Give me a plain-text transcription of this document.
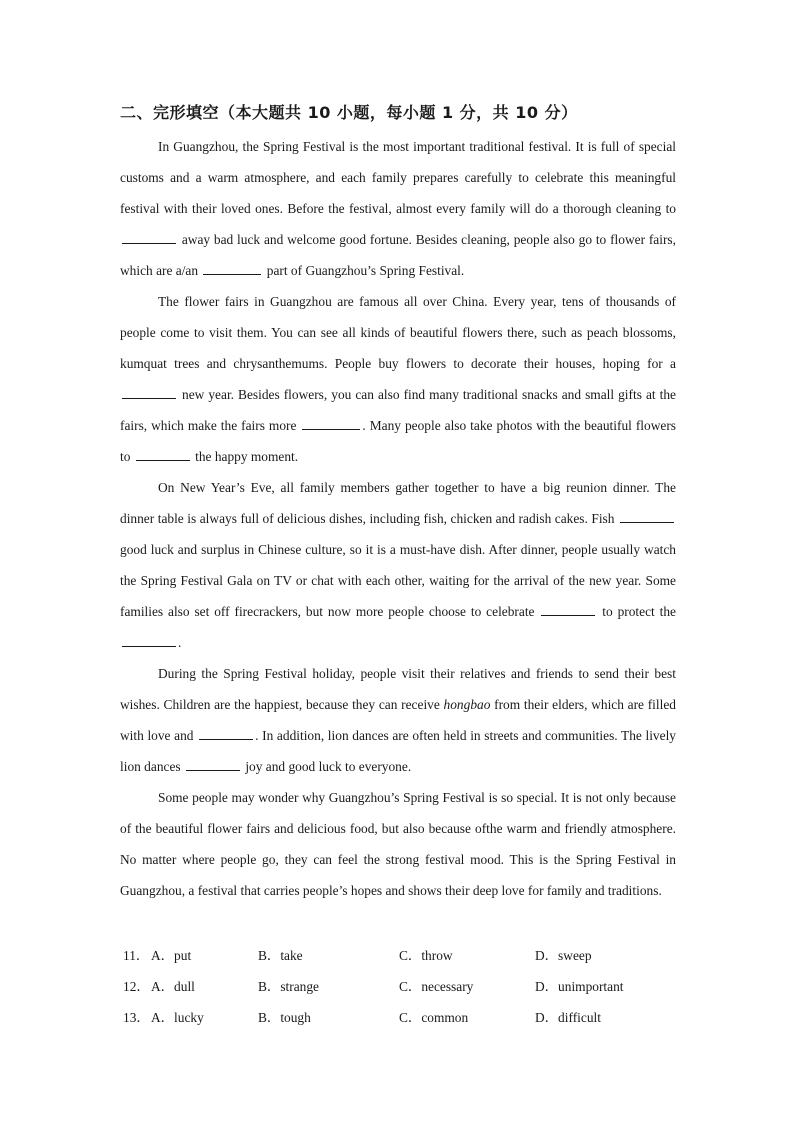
二、完形填空（本大题共 10 小题，每小题 1 分，共 10 分）

In Guangzhou, the Spring Festival is the most important traditional festival. It is full of special customs and a warm atmosphere, and each family prepares carefully to celebrate this meaningful festival with their loved ones. Before the festival, almost every family will do a thorough cleaning to  away bad luck and welcome good fortune. Besides cleaning, people also go to flower fairs, which are a/an	part of Guangzhou’s Spring Festival.

The flower fairs in Guangzhou are famous all over China. Every year, tens of thousands of people come to visit them. You can see all kinds of beautiful flowers there, such as peach blossoms, kumquat trees and chrysanthemums. People buy flowers to decorate their houses, hoping for a  new year. Besides flowers, you can also find many traditional snacks and small gifts at the fairs, which make the fairs more	. Many people also take photos with the beautiful flowers to	the happy moment.

On New Year’s Eve, all family members gather together to have a big reunion dinner. The dinner table is always full of delicious dishes, including fish, chicken and radish cakes. Fish  good luck and surplus in Chinese culture, so it is a must-have dish. After dinner, people usually watch the Spring Festival Gala on TV or chat with each other, waiting for the arrival of the new year. Some families also set off firecrackers, but now more people choose to celebrate	to protect the .

During the Spring Festival holiday, people visit their relatives and friends to send their best wishes. Children are the happiest, because they can receive hongbao from their elders, which are filled with love and	. In addition, lion dances are often held in streets and communities. The lively lion dances	joy and good luck to everyone.

Some people may wonder why Guangzhou’s Spring Festival is so special. It is not only because of the beautiful flower fairs and delicious food, but also because ofthe warm and friendly atmosphere. No matter where people go, they can feel the strong festival mood. This is the Spring Festival in Guangzhou, a festival that carries people’s hopes and shows their deep love for family and traditions.

11． A．put	B．take	C．throw	D．sweep
12． A．dull	B．strange	C．necessary	D．unimportant
13． A．lucky	B．tough	C．common	D．difficult
